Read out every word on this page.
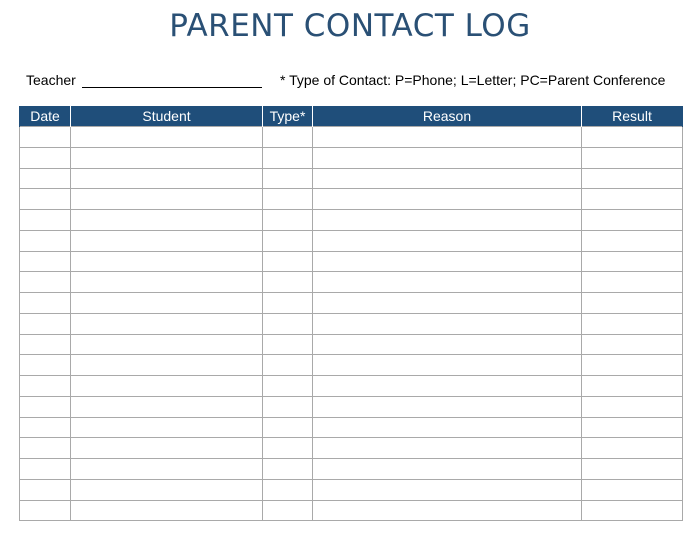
PARENT CONTACT LOG
Teacher	* Type of Contact: P=Phone; L=Letter; PC=Parent Conference
Date	Student	Type*	Reason	Result
